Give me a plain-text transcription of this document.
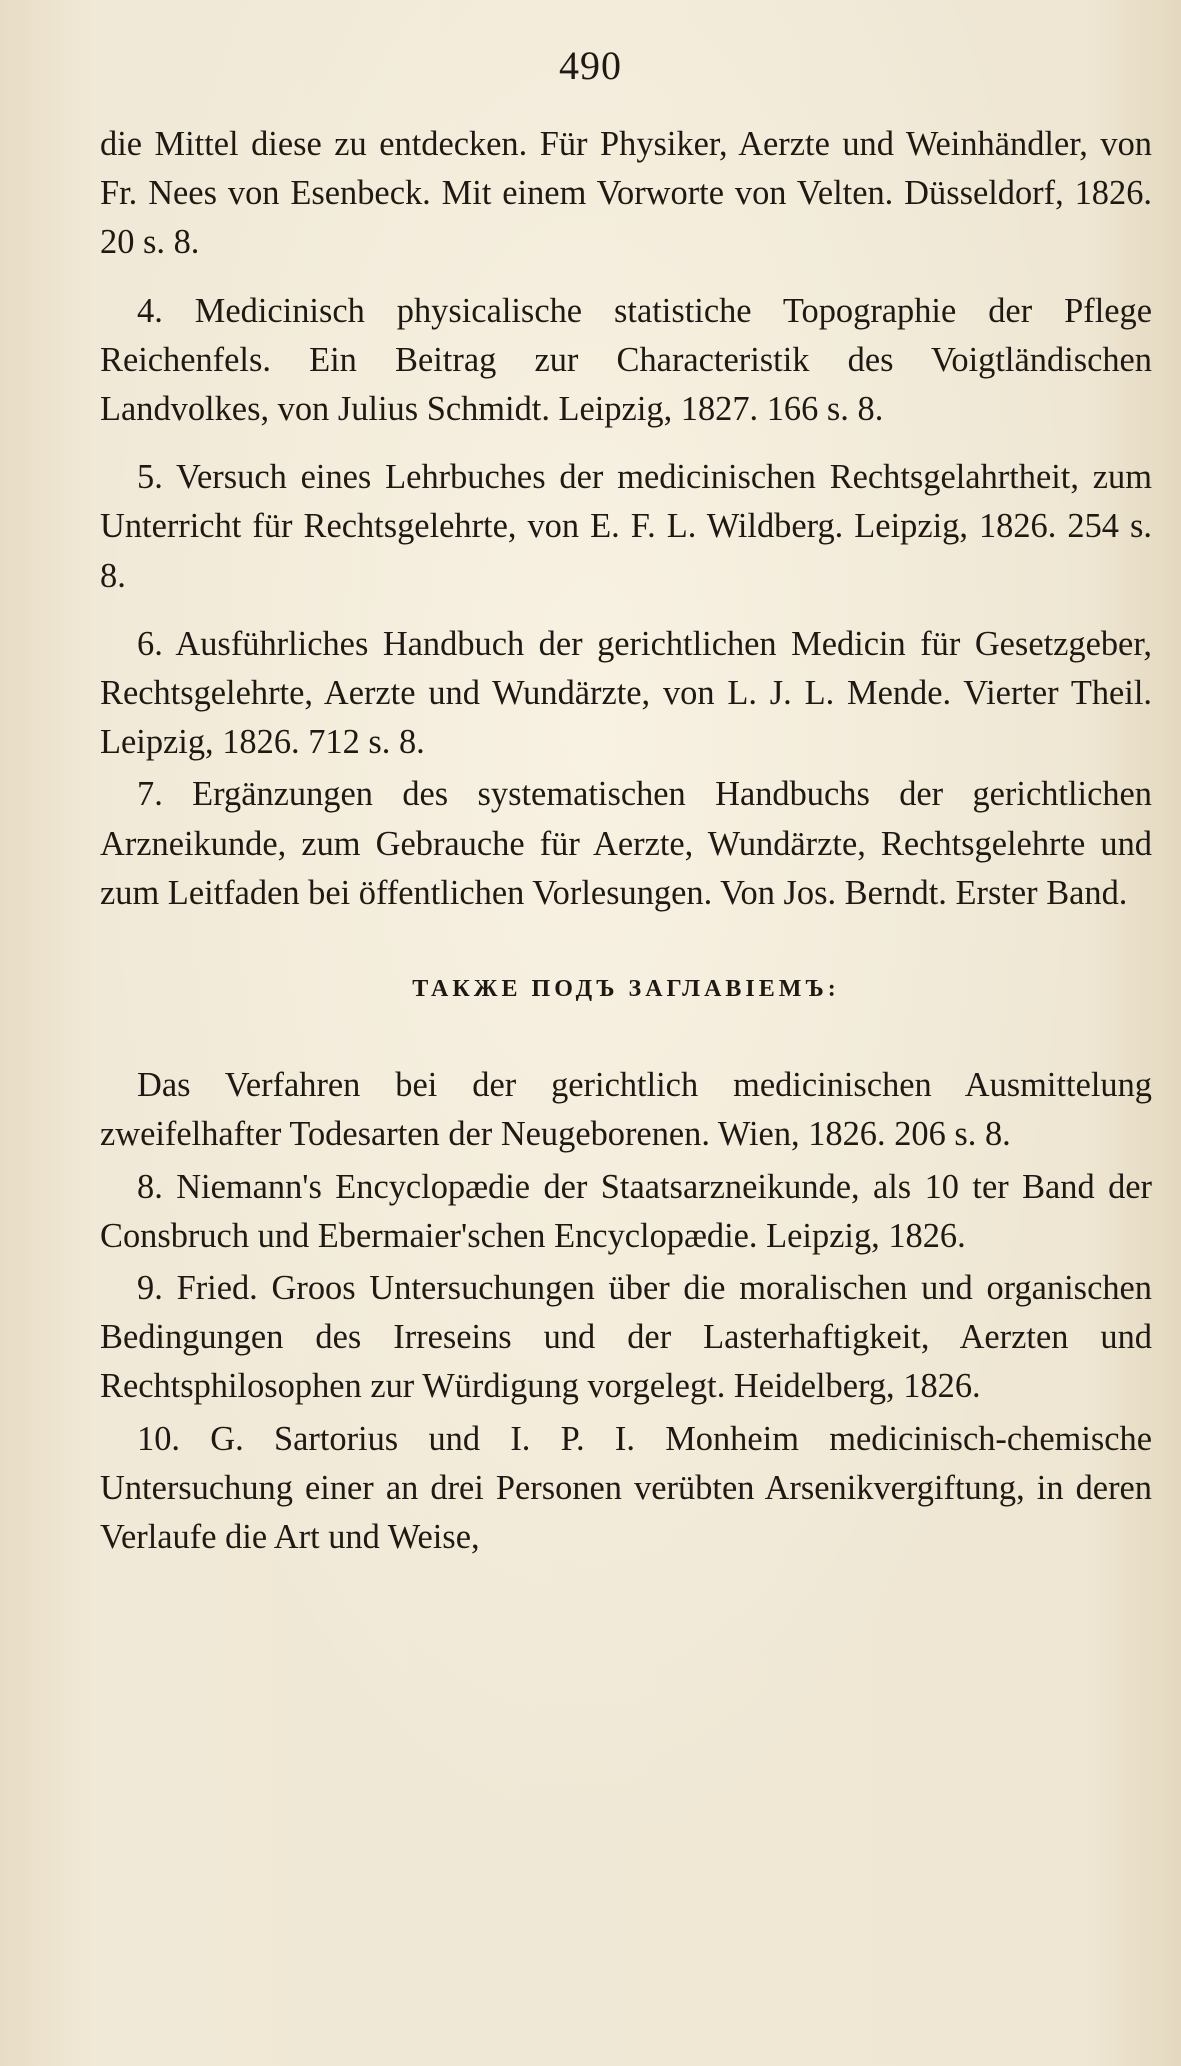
490

die Mittel diese zu entdecken. Für Physiker, Aerzte und Weinhändler, von Fr. Nees von Esenbeck. Mit einem Vorworte von Velten. Düsseldorf, 1826. 20 s. 8.

4. Medicinisch physicalische statistiche Topographie der Pflege Reichenfels. Ein Beitrag zur Characteristik des Voigtländischen Landvolkes, von Julius Schmidt. Leipzig, 1827. 166 s. 8.

5. Versuch eines Lehrbuches der medicinischen Rechtsgelahrtheit, zum Unterricht für Rechtsgelehrte, von E. F. L. Wildberg. Leipzig, 1826. 254 s. 8.

6. Ausführliches Handbuch der gerichtlichen Medicin für Gesetzgeber, Rechtsgelehrte, Aerzte und Wundärzte, von L. J. L. Mende. Vierter Theil. Leipzig, 1826. 712 s. 8.

7. Ergänzungen des systematischen Handbuchs der gerichtlichen Arzneikunde, zum Gebrauche für Aerzte, Wundärzte, Rechtsgelehrte und zum Leitfaden bei öffentlichen Vorlesungen. Von Jos. Berndt. Erster Band.

ТАКЖЕ ПОДЪ ЗАГЛАВІЕМЪ:

Das Verfahren bei der gerichtlich medicinischen Ausmittelung zweifelhafter Todesarten der Neugeborenen. Wien, 1826. 206 s. 8.

8. Niemann's Encyclopædie der Staatsarzneikunde, als 10 ter Band der Consbruch und Ebermaier'schen Encyclopædie. Leipzig, 1826.

9. Fried. Groos Untersuchungen über die moralischen und organischen Bedingungen des Irreseins und der Lasterhaftigkeit, Aerzten und Rechtsphilosophen zur Würdigung vorgelegt. Heidelberg, 1826.

10. G. Sartorius und I. P. I. Monheim medicinisch-chemische Untersuchung einer an drei Personen verübten Arsenikvergiftung, in deren Verlaufe die Art und Weise,
